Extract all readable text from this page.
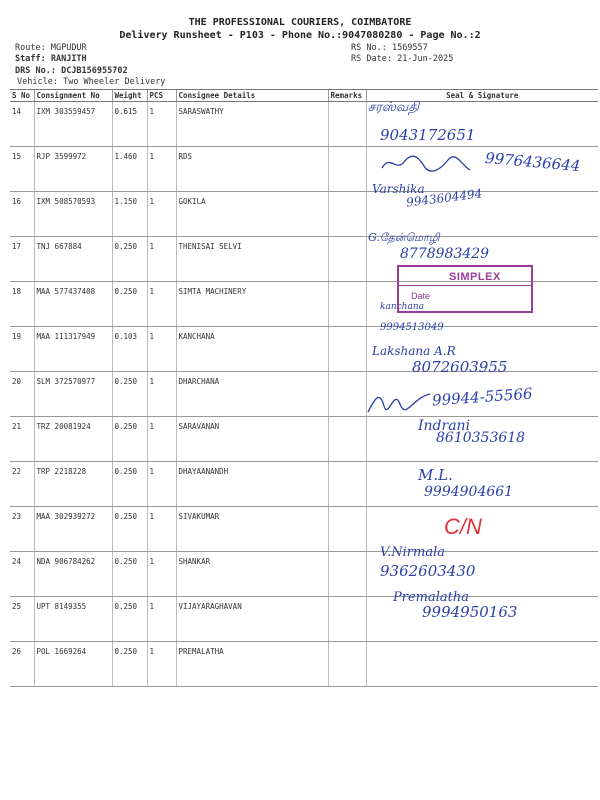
THE PROFESSIONAL COURIERS, COIMBATORE
Delivery Runsheet - P103 - Phone No.:9047080280 - Page No.:2
Route: MGPUDUR
Staff: RANJITH
DRS No.: DCJB156955702
Vehicle: Two Wheeler Delivery
RS No.: 1569557
RS Date: 21-Jun-2025
S No	Consignment No	Weight	PCS	Consignee Details	Remarks	Seal & Signature
14	IXM 303559457	0.615	1	SARASWATHY		
15	RJP 3599972	1.460	1	RDS		
16	IXM 508570593	1.150	1	GOKILA		
17	TNJ 667884	0.250	1	THENISAI SELVI		
18	MAA 577437408	0.250	1	SIMTA MACHINERY		
19	MAA 111317949	0.103	1	KANCHANA		
20	SLM 372570977	0.250	1	DHARCHANA		
21	TRZ 20081924	0.250	1	SARAVANAN		
22	TRP 2218228	0.250	1	DHAYAANANDH		
23	MAA 302939272	0.250	1	SIVAKUMAR		
24	NDA 906784262	0.250	1	SHANKAR		
25	UPT 8149355	0.250	1	VIJAYARAGHAVAN		
26	POL 1669264	0.250	1	PREMALATHA		
சரஸ்வதி
9043172651
9976436644
Varshika
9943604494
G.தேன்மொழி
8778983429
kanchana
9994513049
Lakshana A.R
8072603955
99944-55566
Indrani
8610353618
M.L.
9994904661
V.Nirmala
9362603430
Premalatha
9994950163
SIMPLEX
Date
C/N
